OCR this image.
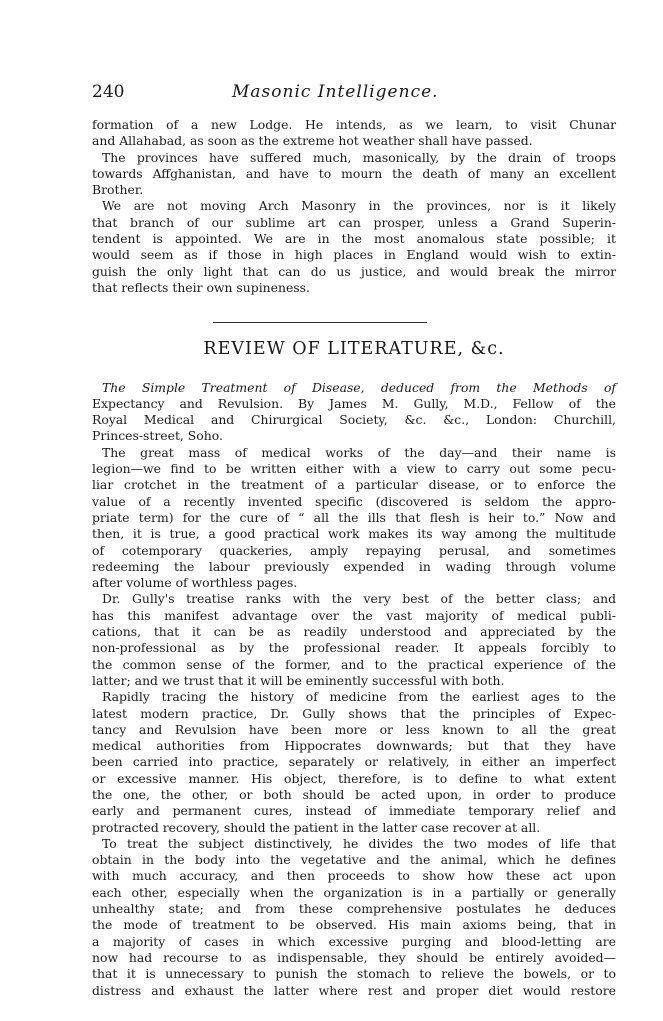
240	Masonic Intelligence.
formation of a new Lodge. He intends, as we learn, to visit Chunar
and Allahabad, as soon as the extreme hot weather shall have passed.
The provinces have suffered much, masonically, by the drain of troops
towards Affghanistan, and have to mourn the death of many an excellent
Brother.
We are not moving Arch Masonry in the provinces, nor is it likely
that branch of our sublime art can prosper, unless a Grand Superin-
tendent is appointed. We are in the most anomalous state possible; it
would seem as if those in high places in England would wish to extin-
guish the only light that can do us justice, and would break the mirror
that reflects their own supineness.
REVIEW OF LITERATURE, &c.
The Simple Treatment of Disease, deduced from the Methods of
Expectancy and Revulsion. By James M. Gully, M.D., Fellow of the
Royal Medical and Chirurgical Society, &c. &c., London: Churchill,
Princes-street, Soho.
The great mass of medical works of the day—and their name is
legion—we find to be written either with a view to carry out some pecu-
liar crotchet in the treatment of a particular disease, or to enforce the
value of a recently invented specific (discovered is seldom the appro-
priate term) for the cure of “ all the ills that flesh is heir to.” Now and
then, it is true, a good practical work makes its way among the multitude
of cotemporary quackeries, amply repaying perusal, and sometimes
redeeming the labour previously expended in wading through volume
after volume of worthless pages.
Dr. Gully's treatise ranks with the very best of the better class; and
has this manifest advantage over the vast majority of medical publi-
cations, that it can be as readily understood and appreciated by the
non-professional as by the professional reader. It appeals forcibly to
the common sense of the former, and to the practical experience of the
latter; and we trust that it will be eminently successful with both.
Rapidly tracing the history of medicine from the earliest ages to the
latest modern practice, Dr. Gully shows that the principles of Expec-
tancy and Revulsion have been more or less known to all the great
medical authorities from Hippocrates downwards; but that they have
been carried into practice, separately or relatively, in either an imperfect
or excessive manner. His object, therefore, is to define to what extent
the one, the other, or both should be acted upon, in order to produce
early and permanent cures, instead of immediate temporary relief and
protracted recovery, should the patient in the latter case recover at all.
To treat the subject distinctively, he divides the two modes of life that
obtain in the body into the vegetative and the animal, which he defines
with much accuracy, and then proceeds to show how these act upon
each other, especially when the organization is in a partially or generally
unhealthy state; and from these comprehensive postulates he deduces
the mode of treatment to be observed. His main axioms being, that in
a majority of cases in which excessive purging and blood-letting are
now had recourse to as indispensable, they should be entirely avoided—
that it is unnecessary to punish the stomach to relieve the bowels, or to
distress and exhaust the latter where rest and proper diet would restore
